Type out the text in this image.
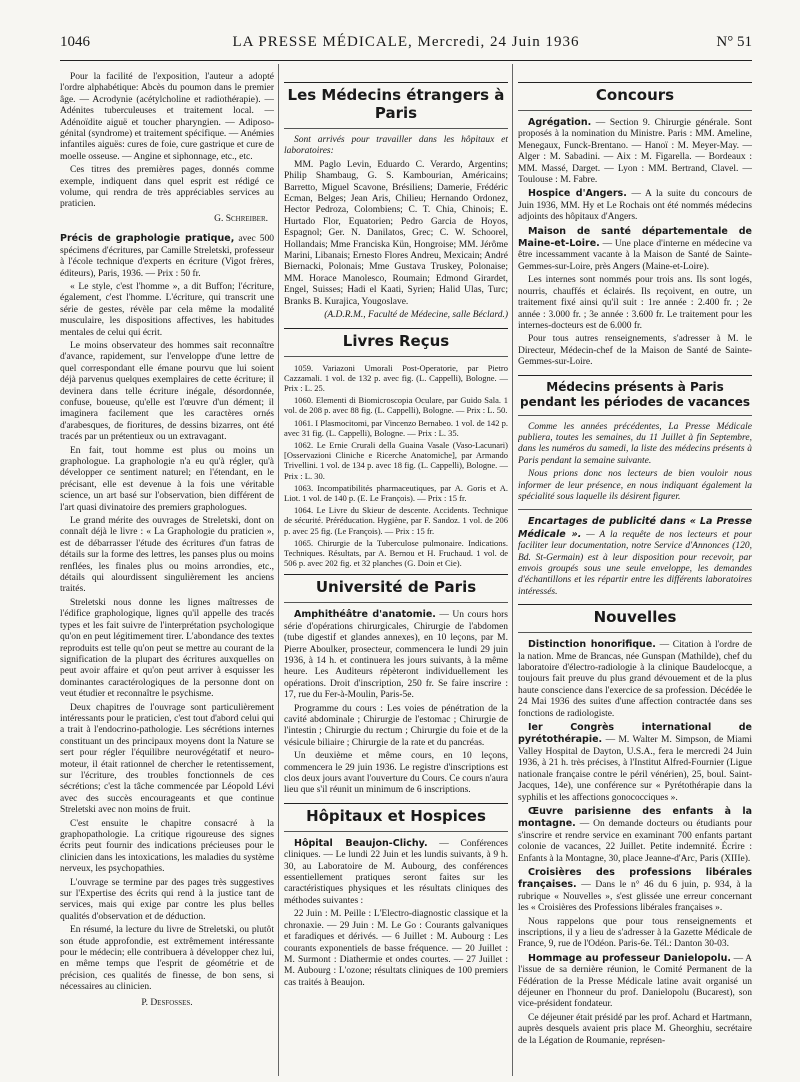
1046	LA PRESSE MÉDICALE, Mercredi, 24 Juin 1936	N° 51

Pour la facilité de l'exposition, l'auteur a adopté l'ordre alphabétique: Abcès du poumon dans le premier âge. — Acrodynie (acétylcholine et radiothérapie). — Adénites tuberculeuses et traitement local. — Adénoïdite aiguë et toucher pharyngien. — Adiposo-génital (syndrome) et traitement spécifique. — Anémies infantiles aiguës: cures de foie, cure gastrique et cure de moelle osseuse. — Angine et siphonnage, etc., etc.

Ces titres des premières pages, donnés comme exemple, indiquent dans quel esprit est rédigé ce volume, qui rendra de très appréciables services au praticien.

G. Schreiber.

Précis de graphologie pratique, avec 500 spécimens d'écritures, par Camille Streletski, professeur à l'école technique d'experts en écriture (Vigot frères, éditeurs), Paris, 1936. — Prix : 50 fr.

« Le style, c'est l'homme », a dit Buffon; l'écriture, également, c'est l'homme. L'écriture, qui transcrit une série de gestes, révèle par cela même la modalité musculaire, les dispositions affectives, les habitudes mentales de celui qui écrit.

Le moins observateur des hommes sait reconnaître d'avance, rapidement, sur l'enveloppe d'une lettre de quel correspondant elle émane pourvu que lui soient déjà parvenus quelques exemplaires de cette écriture; il devinera dans telle écriture inégale, désordonnée, confuse, boueuse, qu'elle est l'œuvre d'un dément; il imaginera facilement que les caractères ornés d'arabesques, de fioritures, de dessins bizarres, ont été tracés par un prétentieux ou un extravagant.

En fait, tout homme est plus ou moins un graphologue. La graphologie n'a eu qu'à régler, qu'à développer ce sentiment naturel; en l'étendant, en le précisant, elle est devenue à la fois une véritable science, un art basé sur l'observation, bien différent de l'art quasi divinatoire des premiers graphologues.

Le grand mérite des ouvrages de Streletski, dont on connaît déjà le livre : « La Graphologie du praticien », est de débarrasser l'étude des écritures d'un fatras de détails sur la forme des lettres, les panses plus ou moins renflées, les finales plus ou moins arrondies, etc., détails qui alourdissent singulièrement les anciens traités.

Streletski nous donne les lignes maîtresses de l'édifice graphologique, lignes qu'il appelle des tracés types et les fait suivre de l'interprétation psychologique qu'on en peut légitimement tirer. L'abondance des textes reproduits est telle qu'on peut se mettre au courant de la signification de la plupart des écritures auxquelles on peut avoir affaire et qu'on peut arriver à esquisser les dominantes caractérologiques de la personne dont on veut étudier et reconnaître le psychisme.

Deux chapitres de l'ouvrage sont particulièrement intéressants pour le praticien, c'est tout d'abord celui qui a trait à l'endocrino-pathologie. Les sécrétions internes constituant un des principaux moyens dont la Nature se sert pour régler l'équilibre neurovégétatif et neuro-moteur, il était rationnel de chercher le retentissement, sur l'écriture, des troubles fonctionnels de ces sécrétions; c'est la tâche commencée par Léopold Lévi avec des succès encourageants et que continue Streletski avec non moins de fruit.

C'est ensuite le chapitre consacré à la graphopathologie. La critique rigoureuse des signes écrits peut fournir des indications précieuses pour le clinicien dans les intoxications, les maladies du système nerveux, les psychopathies.

L'ouvrage se termine par des pages très suggestives sur l'Expertise des écrits qui rend à la justice tant de services, mais qui exige par contre les plus belles qualités d'observation et de déduction.

En résumé, la lecture du livre de Streletski, ou plutôt son étude approfondie, est extrêmement intéressante pour le médecin; elle contribuera à développer chez lui, en même temps que l'esprit de géométrie et de précision, ces qualités de finesse, de bon sens, si nécessaires au clinicien.

P. Desfosses.

Les Médecins étrangers à Paris

Sont arrivés pour travailler dans les hôpitaux et laboratoires:

MM. Paglo Levin, Eduardo C. Verardo, Argentins; Philip Shambaug, G. S. Kambourian, Américains; Barretto, Miguel Scavone, Brésiliens; Damerie, Frédéric Ecman, Belges; Jean Aris, Chilieu; Hernando Ordonez, Hector Pedroza, Colombiens; C. T. Chia, Chinois; E. Hurtado Flor, Equatorien; Pedro Garcia de Hoyos, Espagnol; Ger. N. Danilatos, Grec; C. W. Schoorel, Hollandais; Mme Franciska Kün, Hongroise; MM. Jérôme Marini, Libanais; Ernesto Flores Andreu, Mexicain; André Biernacki, Polonais; Mme Gustava Truskey, Polonaise; MM. Horace Manolesco, Roumain; Edmond Girardet, Engel, Suisses; Hadi el Kaati, Syrien; Halid Ulas, Turc; Branks B. Kurajica, Yougoslave.

(A.D.R.M., Faculté de Médecine, salle Béclard.)

Livres Reçus

1059. Variazoni Umorali Post-Operatorie, par Pietro Cazzamali. 1 vol. de 132 p. avec fig. (L. Cappelli), Bologne. — Prix : L. 25.

1060. Elementi di Biomicroscopia Oculare, par Guido Sala. 1 vol. de 208 p. avec 88 fig. (L. Cappelli), Bologne. — Prix : L. 50.

1061. I Plasmocitomi, par Vincenzo Bernabeo. 1 vol. de 142 p. avec 31 fig. (L. Cappelli), Bologne. — Prix : L. 35.

1062. Le Ernie Crurali della Guaina Vasale (Vaso-Lacunari) [Osservazioni Cliniche e Ricerche Anatomiche], par Armando Trivellini. 1 vol. de 134 p. avec 18 fig. (L. Cappelli), Bologne. — Prix : L. 30.

1063. Incompatibilités pharmaceutiques, par A. Goris et A. Liot. 1 vol. de 140 p. (E. Le François). — Prix : 15 fr.

1064. Le Livre du Skieur de descente. Accidents. Technique de sécurité. Préréducation. Hygiène, par F. Sandoz. 1 vol. de 206 p. avec 25 fig. (Le François). — Prix : 15 fr.

1065. Chirurgie de la Tuberculose pulmonaire. Indications. Techniques. Résultats, par A. Bernou et H. Fruchaud. 1 vol. de 506 p. avec 202 fig. et 32 planches (G. Doin et Cie).

Université de Paris

Amphithéâtre d'anatomie. — Un cours hors série d'opérations chirurgicales, Chirurgie de l'abdomen (tube digestif et glandes annexes), en 10 leçons, par M. Pierre Aboulker, prosecteur, commencera le lundi 29 juin 1936, à 14 h. et continuera les jours suivants, à la même heure. Les Auditeurs répèteront individuellement les opérations. Droit d'inscription, 250 fr. Se faire inscrire : 17, rue du Fer-à-Moulin, Paris-5e.

Programme du cours : Les voies de pénétration de la cavité abdominale ; Chirurgie de l'estomac ; Chirurgie de l'intestin ; Chirurgie du rectum ; Chirurgie du foie et de la vésicule biliaire ; Chirurgie de la rate et du pancréas.

Un deuxième et même cours, en 10 leçons, commencera le 29 juin 1936. Le registre d'inscriptions est clos deux jours avant l'ouverture du Cours. Ce cours n'aura lieu que s'il réunit un minimum de 6 inscriptions.

Hôpitaux et Hospices

Hôpital Beaujon-Clichy. — Conférences cliniques. — Le lundi 22 Juin et les lundis suivants, à 9 h. 30, au Laboratoire de M. Aubourg, des conférences essentiellement pratiques seront faites sur les caractéristiques physiques et les résultats cliniques des méthodes suivantes :

22 Juin : M. Peille : L'Electro-diagnostic classique et la chronaxie. — 29 Juin : M. Le Go : Courants galvaniques et faradiques et dérivés. — 6 Juillet : M. Aubourg : Les courants exponentiels de basse fréquence. — 20 Juillet : M. Surmont : Diathermie et ondes courtes. — 27 Juillet : M. Aubourg : L'ozone; résultats cliniques de 100 premiers cas traités à Beaujon.

Concours

Agrégation. — Section 9. Chirurgie générale. Sont proposés à la nomination du Ministre. Paris : MM. Ameline, Menegaux, Funck-Brentano. — Hanoï : M. Meyer-May. — Alger : M. Sabadini. — Aix : M. Figarella. — Bordeaux : MM. Massé, Darget. — Lyon : MM. Bertrand, Clavel. — Toulouse : M. Fabre.

Hospice d'Angers. — A la suite du concours de Juin 1936, MM. Hy et Le Rochais ont été nommés médecins adjoints des hôpitaux d'Angers.

Maison de santé départementale de Maine-et-Loire. — Une place d'interne en médecine va être incessamment vacante à la Maison de Santé de Sainte-Gemmes-sur-Loire, près Angers (Maine-et-Loire).

Les internes sont nommés pour trois ans. Ils sont logés, nourris, chauffés et éclairés. Ils reçoivent, en outre, un traitement fixé ainsi qu'il suit : 1re année : 2.400 fr. ; 2e année : 3.000 fr. ; 3e année : 3.600 fr. Le traitement pour les internes-docteurs est de 6.000 fr.

Pour tous autres renseignements, s'adresser à M. le Directeur, Médecin-chef de la Maison de Santé de Sainte-Gemmes-sur-Loire.

Médecins présents à Paris pendant les périodes de vacances

Comme les années précédentes, La Presse Médicale publiera, toutes les semaines, du 11 Juillet à fin Septembre, dans les numéros du samedi, la liste des médecins présents à Paris pendant la semaine suivante.

Nous prions donc nos lecteurs de bien vouloir nous informer de leur présence, en nous indiquant également la spécialité sous laquelle ils désirent figurer.

Encartages de publicité dans « La Presse Médicale ». — A la requête de nos lecteurs et pour faciliter leur documentation, notre Service d'Annonces (120, Bd. St-Germain) est à leur disposition pour recevoir, par envois groupés sous une seule enveloppe, les demandes d'échantillons et les répartir entre les différents laboratoires intéressés.

Nouvelles

Distinction honorifique. — Citation à l'ordre de la nation. Mme de Brancas, née Gunspan (Mathilde), chef du laboratoire d'électro-radiologie à la clinique Baudelocque, a toujours fait preuve du plus grand dévouement et de la plus haute conscience dans l'exercice de sa profession. Décédée le 24 Mai 1936 des suites d'une affection contractée dans ses fonctions de radiologiste.

Ier Congrès international de pyrétothérapie. — M. Walter M. Simpson, de Miami Valley Hospital de Dayton, U.S.A., fera le mercredi 24 Juin 1936, à 21 h. très précises, à l'Institut Alfred-Fournier (Ligue nationale française contre le péril vénérien), 25, boul. Saint-Jacques, 14e), une conférence sur « Pyrétothérapie dans la syphilis et les affections gonococciques ».

Œuvre parisienne des enfants à la montagne. — On demande docteurs ou étudiants pour s'inscrire et rendre service en examinant 700 enfants partant colonie de vacances, 22 Juillet. Petite indemnité. Écrire : Enfants à la Montagne, 30, place Jeanne-d'Arc, Paris (XIIIe).

Croisières des professions libérales françaises. — Dans le n° 46 du 6 juin, p. 934, à la rubrique « Nouvelles », s'est glissée une erreur concernant les « Croisières des Professions libérales françaises ».

Nous rappelons que pour tous renseignements et inscriptions, il y a lieu de s'adresser à la Gazette Médicale de France, 9, rue de l'Odéon. Paris-6e. Tél.: Danton 30-03.

Hommage au professeur Danielopolu. — A l'issue de sa dernière réunion, le Comité Permanent de la Fédération de la Presse Médicale latine avait organisé un déjeuner en l'honneur du prof. Danielopolu (Bucarest), son vice-président fondateur.

Ce déjeuner était présidé par les prof. Achard et Hartmann, auprès desquels avaient pris place M. Gheorghiu, secrétaire de la Légation de Roumanie, représen-
